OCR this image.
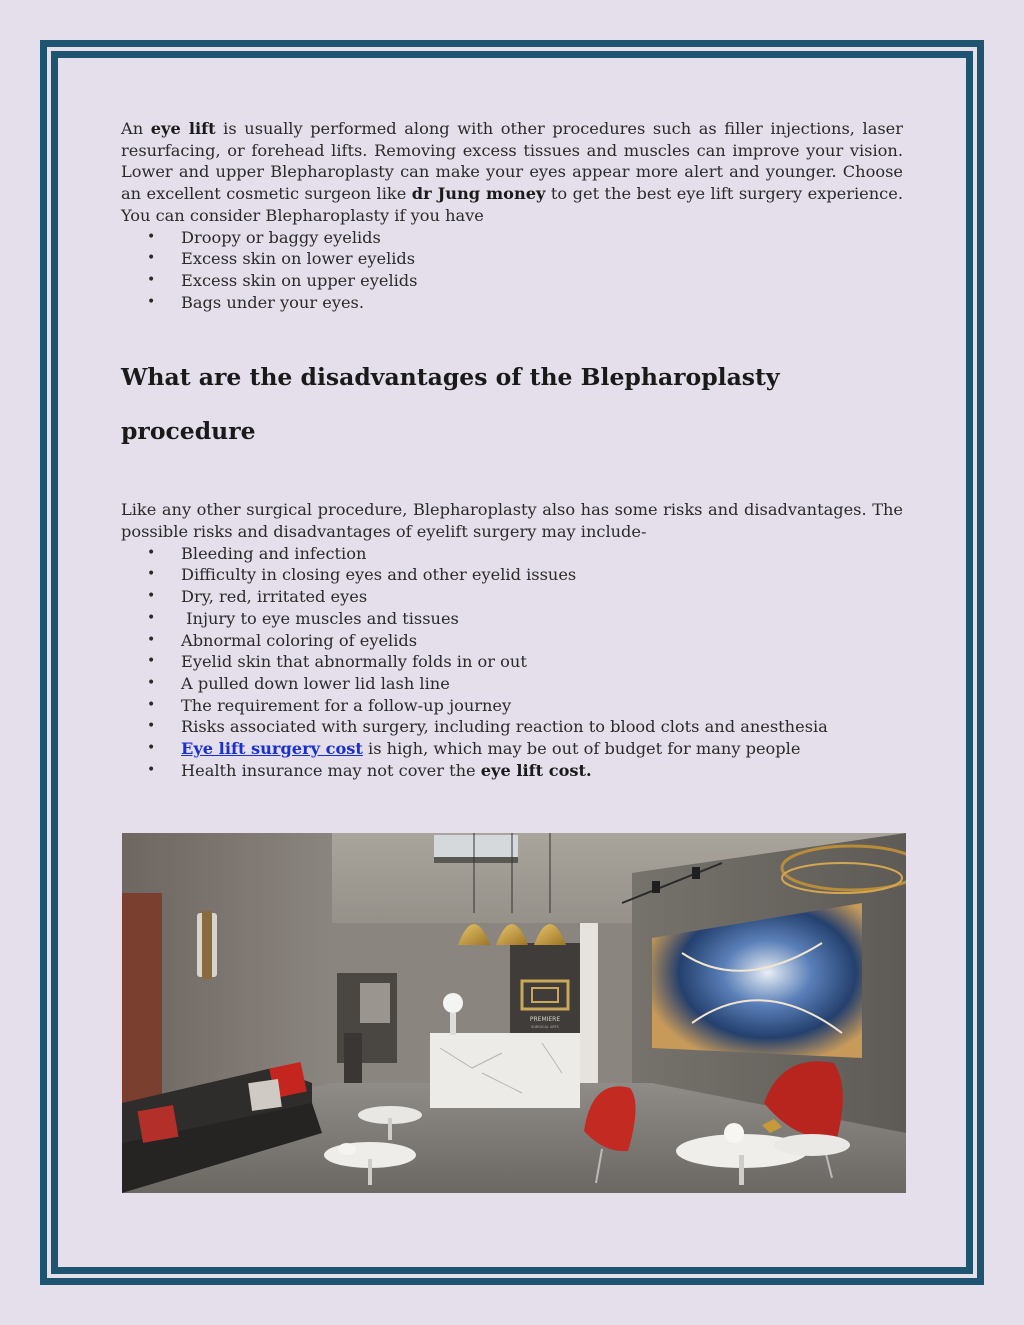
An eye lift is usually performed along with other procedures such as filler injections, laser resurfacing, or forehead lifts. Removing excess tissues and muscles can improve your vision. Lower and upper Blepharoplasty can make your eyes appear more alert and younger. Choose an excellent cosmetic surgeon like dr Jung money to get the best eye lift surgery experience. You can consider Blepharoplasty if you have

• Droopy or baggy eyelids
• Excess skin on lower eyelids
• Excess skin on upper eyelids
• Bags under your eyes.
What are the disadvantages of the Blepharoplasty
procedure

Like any other surgical procedure, Blepharoplasty also has some risks and disadvantages. The possible risks and disadvantages of eyelift surgery may include-

• Bleeding and infection
• Difficulty in closing eyes and other eyelid issues
• Dry, red, irritated eyes
•  Injury to eye muscles and tissues
• Abnormal coloring of eyelids
• Eyelid skin that abnormally folds in or out
• A pulled down lower lid lash line
• The requirement for a follow-up journey
• Risks associated with surgery, including reaction to blood clots and anesthesia
• Eye lift surgery cost is high, which may be out of budget for many people
• Health insurance may not cover the eye lift cost.
PREMIERE
SURGICAL ARTS
